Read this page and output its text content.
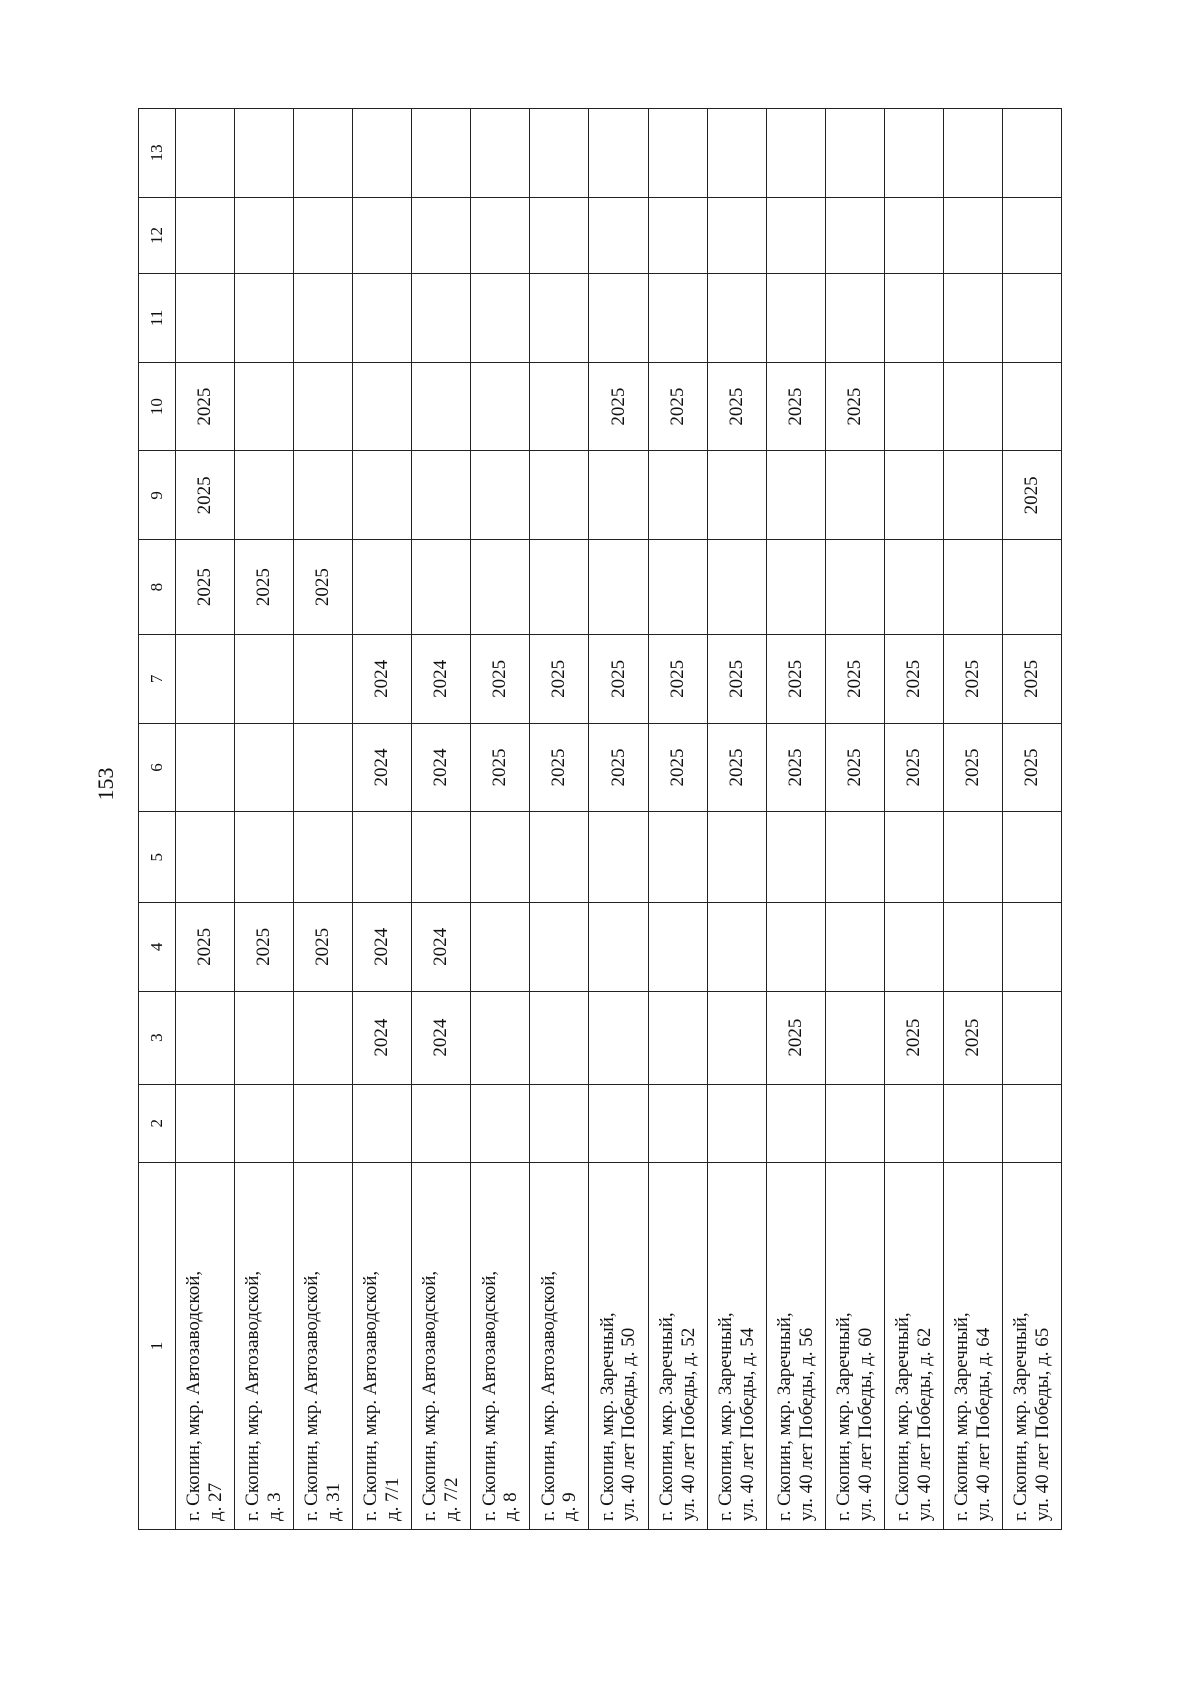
153
1	2	3	4	5	6	7	8	9	10	11	12	13

г. Скопин, мкр. Автозаводской, д. 27			2025				2025	2025	2025			

г. Скопин, мкр. Автозаводской, д. 3			2025				2025					

г. Скопин, мкр. Автозаводской, д. 31			2025				2025					

г. Скопин, мкр. Автозаводской, д. 7/1		2024	2024		2024	2024						

г. Скопин, мкр. Автозаводской, д. 7/2		2024	2024		2024	2024						

г. Скопин, мкр. Автозаводской, д. 8					2025	2025						

г. Скопин, мкр. Автозаводской, д. 9					2025	2025						

г. Скопин, мкр. Заречный, ул. 40 лет Победы, д. 50					2025	2025			2025			

г. Скопин, мкр. Заречный, ул. 40 лет Победы, д. 52					2025	2025			2025			

г. Скопин, мкр. Заречный, ул. 40 лет Победы, д. 54					2025	2025			2025			

г. Скопин, мкр. Заречный, ул. 40 лет Победы, д. 56		2025			2025	2025			2025			

г. Скопин, мкр. Заречный, ул. 40 лет Победы, д. 60					2025	2025			2025			

г. Скопин, мкр. Заречный, ул. 40 лет Победы, д. 62		2025			2025	2025						

г. Скопин, мкр. Заречный, ул. 40 лет Победы, д. 64		2025			2025	2025						

г. Скопин, мкр. Заречный, ул. 40 лет Победы, д. 65					2025	2025		2025				
